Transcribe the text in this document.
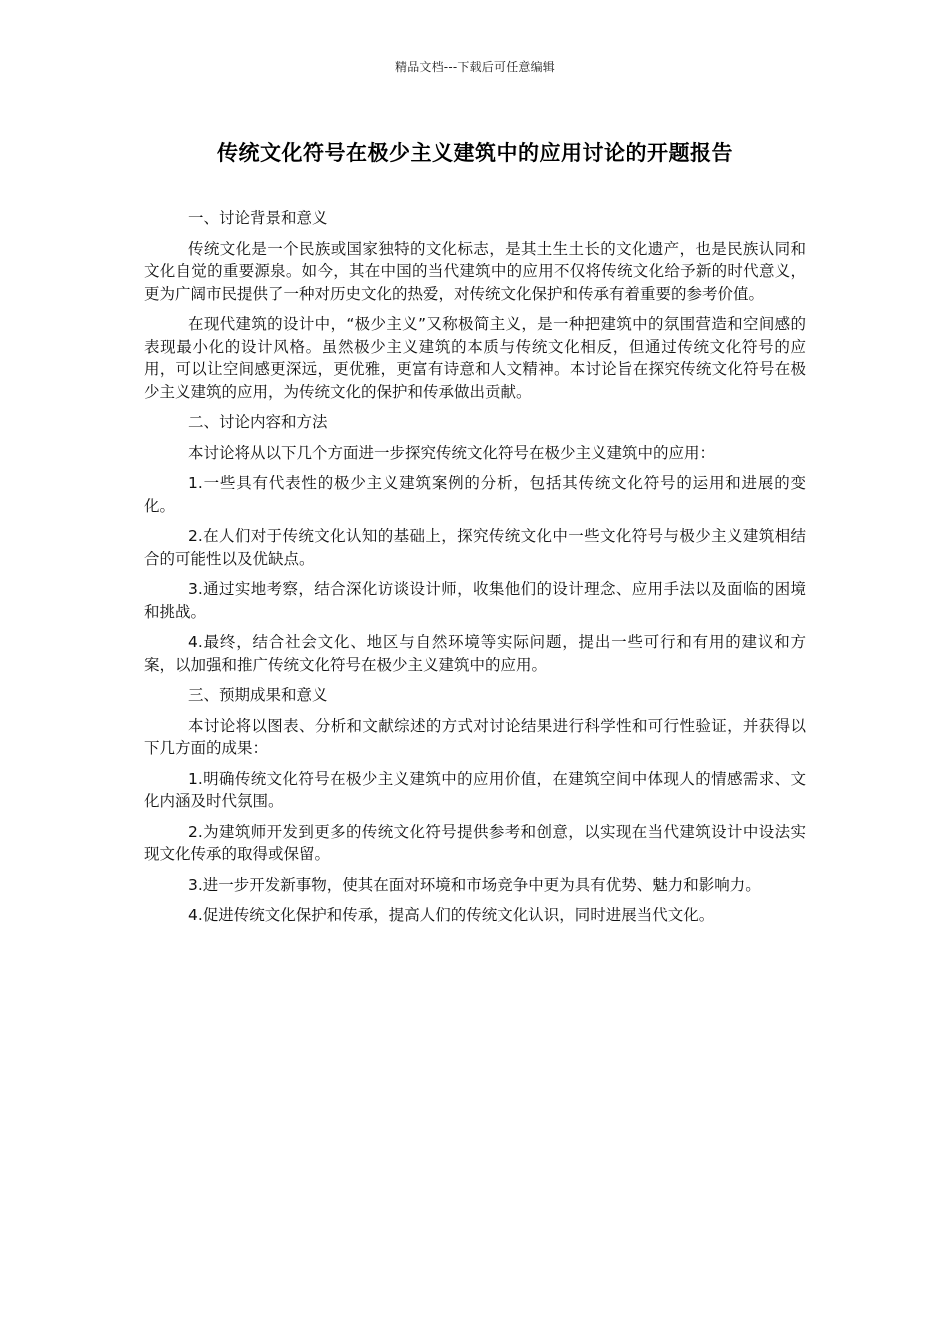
精品文档---下载后可任意编辑
传统文化符号在极少主义建筑中的应用讨论的开题报告
一、讨论背景和意义

传统文化是一个民族或国家独特的文化标志，是其土生土长的文化遗产，也是民族认同和文化自觉的重要源泉。如今，其在中国的当代建筑中的应用不仅将传统文化给予新的时代意义，更为广阔市民提供了一种对历史文化的热爱，对传统文化保护和传承有着重要的参考价值。

在现代建筑的设计中，“极少主义”又称极简主义，是一种把建筑中的氛围营造和空间感的表现最小化的设计风格。虽然极少主义建筑的本质与传统文化相反，但通过传统文化符号的应用，可以让空间感更深远，更优雅，更富有诗意和人文精神。本讨论旨在探究传统文化符号在极少主义建筑的应用，为传统文化的保护和传承做出贡献。

二、讨论内容和方法

本讨论将从以下几个方面进一步探究传统文化符号在极少主义建筑中的应用：

1.一些具有代表性的极少主义建筑案例的分析，包括其传统文化符号的运用和进展的变化。

2.在人们对于传统文化认知的基础上，探究传统文化中一些文化符号与极少主义建筑相结合的可能性以及优缺点。

3.通过实地考察，结合深化访谈设计师，收集他们的设计理念、应用手法以及面临的困境和挑战。

4.最终，结合社会文化、地区与自然环境等实际问题，提出一些可行和有用的建议和方案，以加强和推广传统文化符号在极少主义建筑中的应用。

三、预期成果和意义

本讨论将以图表、分析和文献综述的方式对讨论结果进行科学性和可行性验证，并获得以下几方面的成果：

1.明确传统文化符号在极少主义建筑中的应用价值，在建筑空间中体现人的情感需求、文化内涵及时代氛围。

2.为建筑师开发到更多的传统文化符号提供参考和创意，以实现在当代建筑设计中设法实现文化传承的取得或保留。

3.进一步开发新事物，使其在面对环境和市场竞争中更为具有优势、魅力和影响力。

4.促进传统文化保护和传承，提高人们的传统文化认识，同时进展当代文化。
